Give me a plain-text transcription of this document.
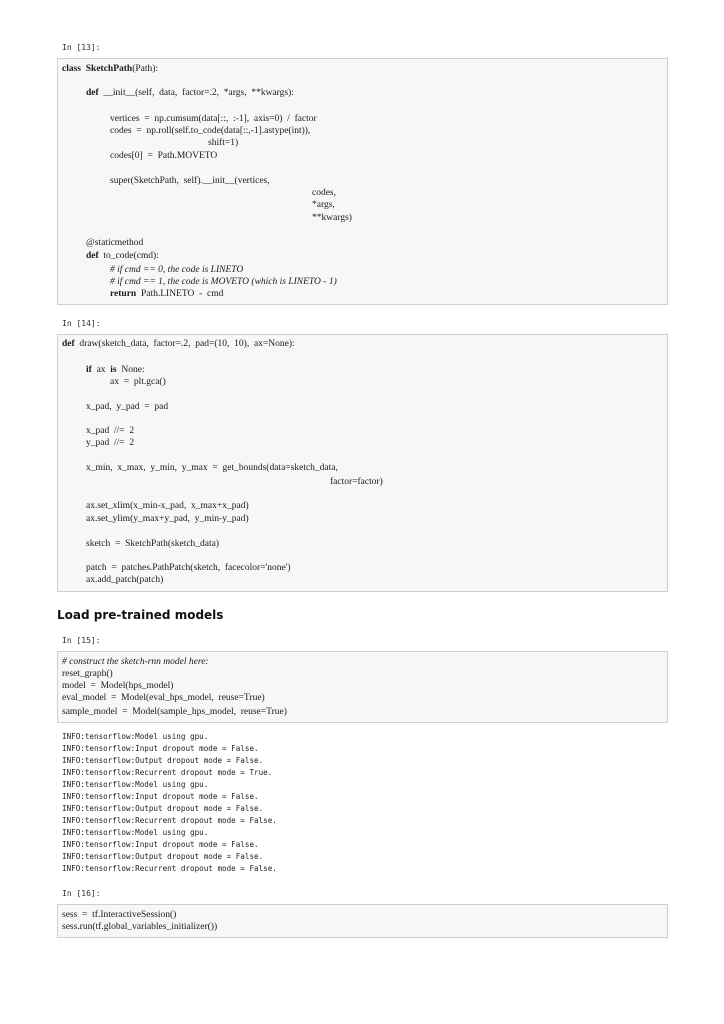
In [13]:
In [14]:
Load pre-trained models
In [15]:
INFO:tensorflow:Model using gpu.
INFO:tensorflow:Input dropout mode = False.
INFO:tensorflow:Output dropout mode = False.
INFO:tensorflow:Recurrent dropout mode = True.
INFO:tensorflow:Model using gpu.
INFO:tensorflow:Input dropout mode = False.
INFO:tensorflow:Output dropout mode = False.
INFO:tensorflow:Recurrent dropout mode = False.
INFO:tensorflow:Model using gpu.
INFO:tensorflow:Input dropout mode = False.
INFO:tensorflow:Output dropout mode = False.
INFO:tensorflow:Recurrent dropout mode = False.
In [16]:
class SketchPath(Path):
def  __init__(self,  data,  factor=.2,  *args,  **kwargs):
vertices  =  np.cumsum(data[::,  :-1],  axis=0)  /  factor
codes  =  np.roll(self.to_code(data[::,-1].astype(int)),
shift=1)
codes[0]  =  Path.MOVETO
super(SketchPath,  self).__init__(vertices,
codes,
*args,
**kwargs)
@staticmethod
def  to_code(cmd):
# if cmd == 0, the code is LINETO
# if cmd == 1, the code is MOVETO (which is LINETO - 1)
return  Path.LINETO  -  cmd
def  draw(sketch_data,  factor=.2,  pad=(10,  10),  ax=None):
if  ax  is  None:
ax  =  plt.gca()
x_pad,  y_pad  =  pad
x_pad  //=  2
y_pad  //=  2
x_min,  x_max,  y_min,  y_max  =  get_bounds(data=sketch_data,
factor=factor)
ax.set_xlim(x_min-x_pad,  x_max+x_pad)
ax.set_ylim(y_max+y_pad,  y_min-y_pad)
sketch  =  SketchPath(sketch_data)
patch  =  patches.PathPatch(sketch,  facecolor='none')
ax.add_patch(patch)
# construct the sketch-rnn model here:
reset_graph()
model  =  Model(hps_model)
eval_model  =  Model(eval_hps_model,  reuse=True)
sample_model  =  Model(sample_hps_model,  reuse=True)
sess  =  tf.InteractiveSession()
sess.run(tf.global_variables_initializer())
